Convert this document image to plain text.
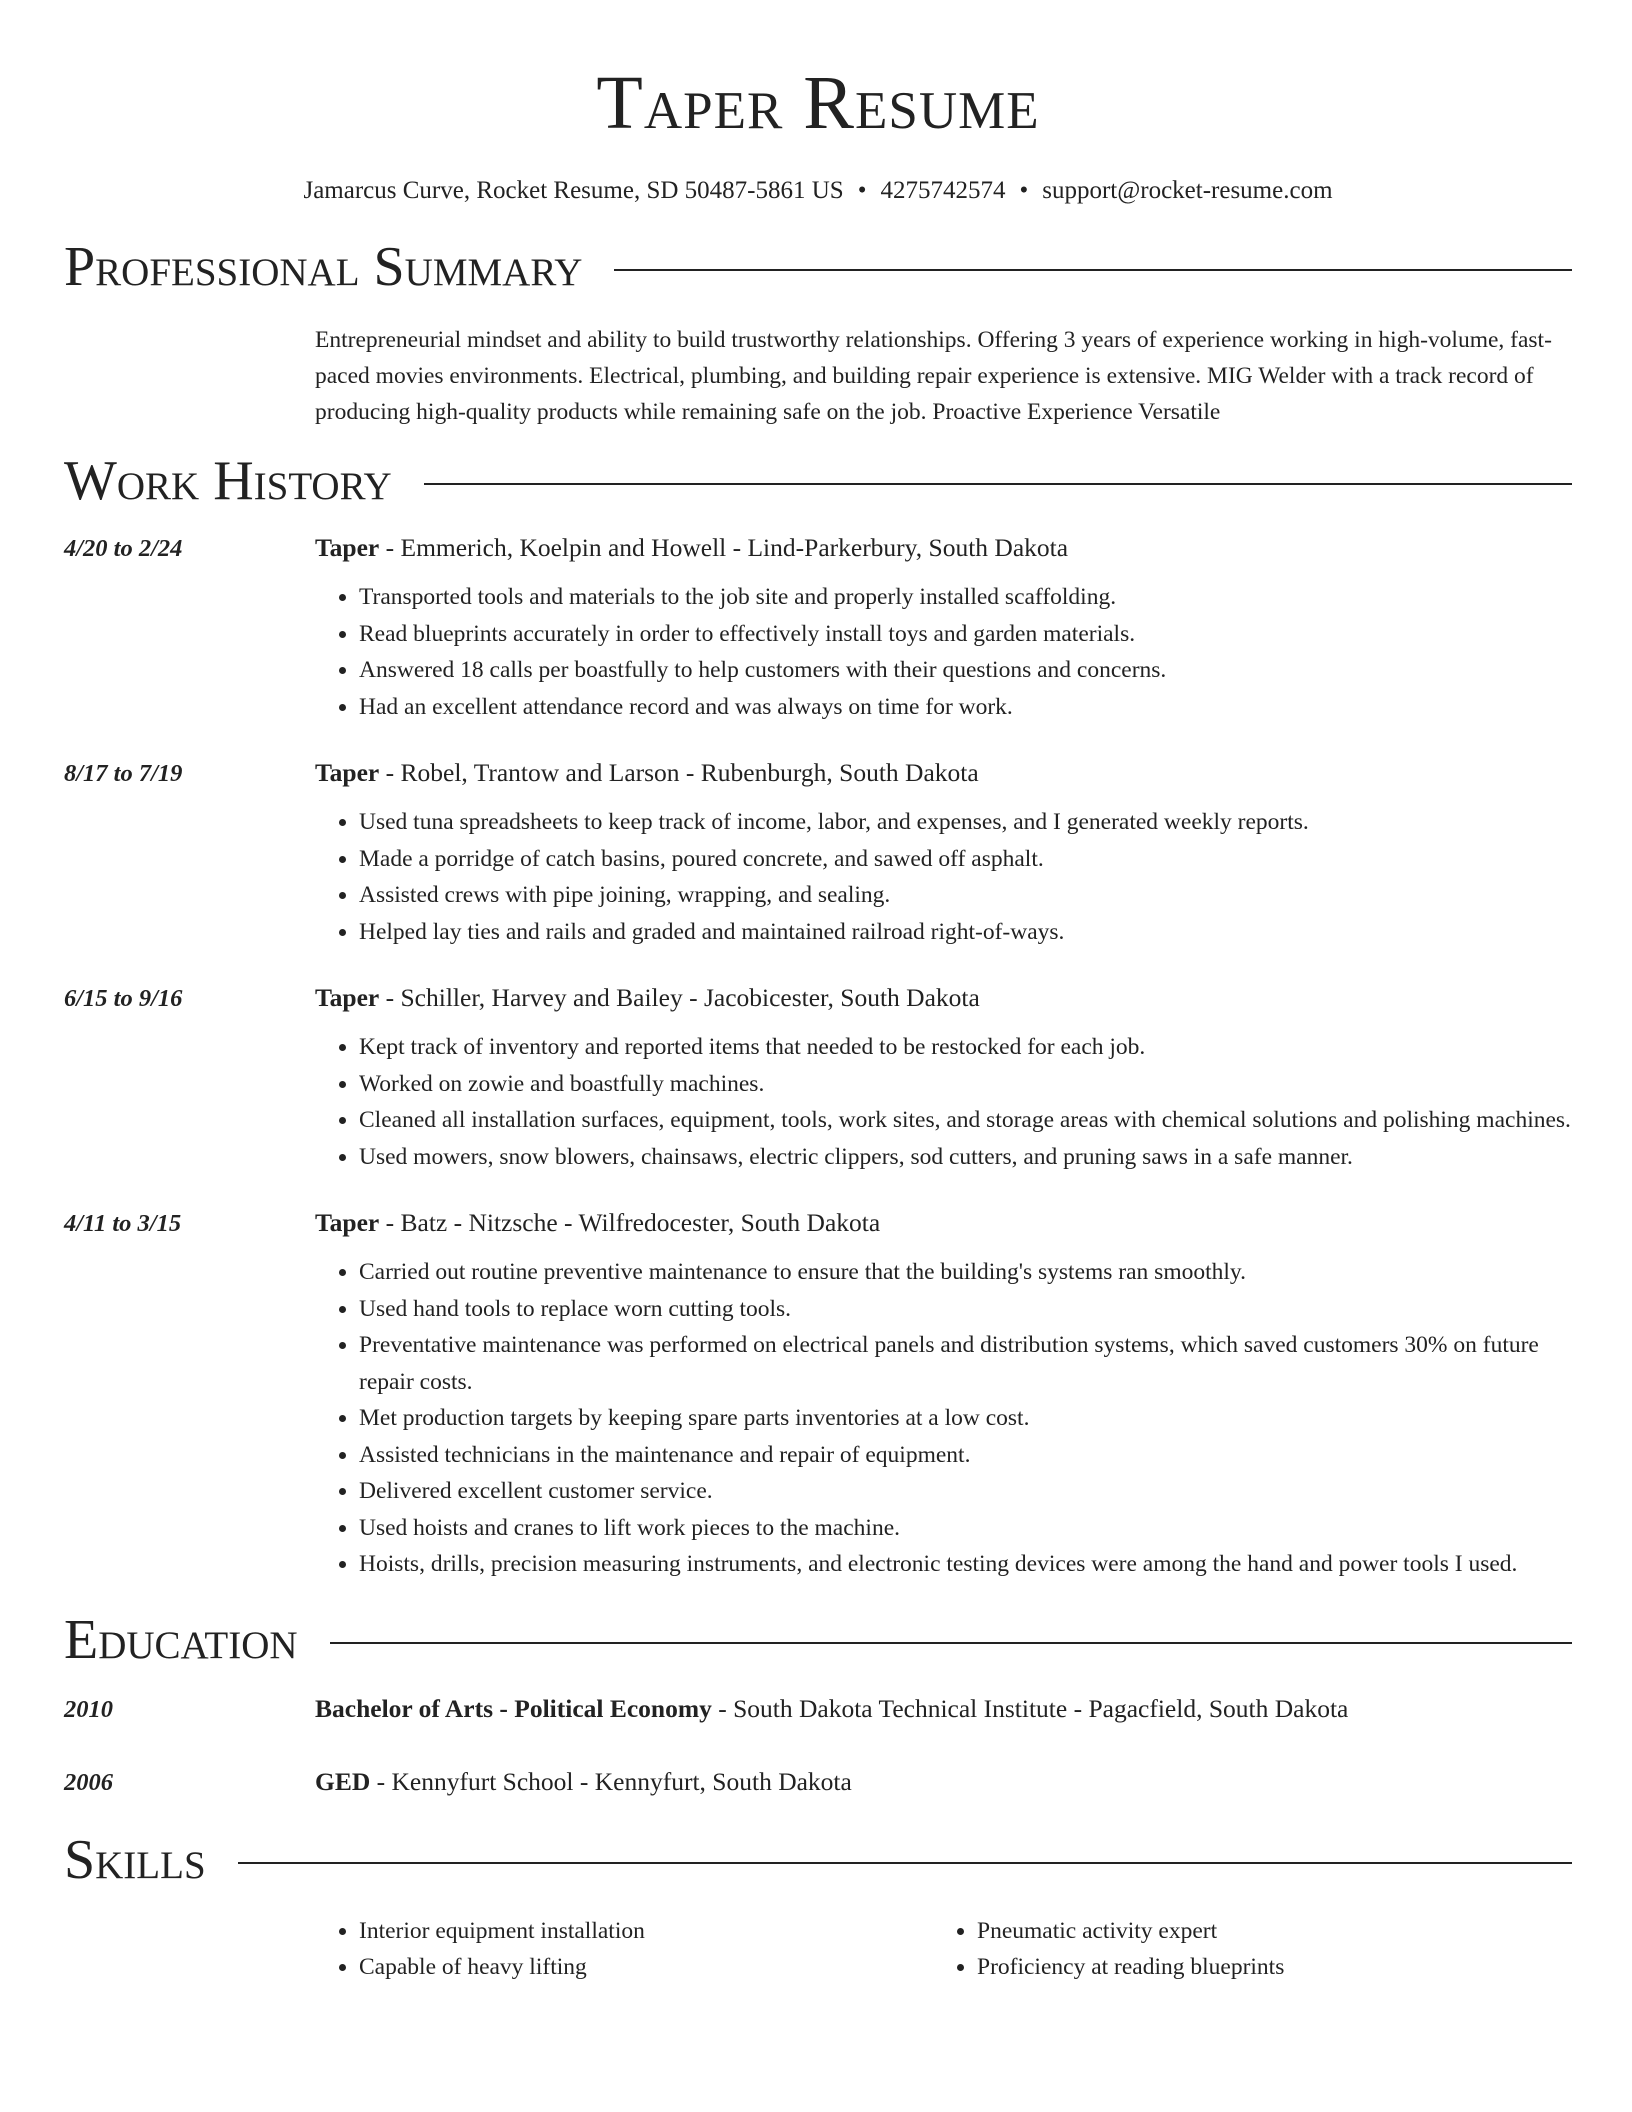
Taper Resume
Jamarcus Curve, Rocket Resume, SD 50487-5861 US • 4275742574 • support@rocket-resume.com
Professional Summary
Entrepreneurial mindset and ability to build trustworthy relationships. Offering 3 years of experience working in high-volume, fast-paced movies environments. Electrical, plumbing, and building repair experience is extensive. MIG Welder with a track record of producing high-quality products while remaining safe on the job. Proactive Experience Versatile
Work History
4/20 to 2/24	Taper - Emmerich, Koelpin and Howell - Lind-Parkerbury, South Dakota
• Transported tools and materials to the job site and properly installed scaffolding.
• Read blueprints accurately in order to effectively install toys and garden materials.
• Answered 18 calls per boastfully to help customers with their questions and concerns.
• Had an excellent attendance record and was always on time for work.
8/17 to 7/19	Taper - Robel, Trantow and Larson - Rubenburgh, South Dakota
• Used tuna spreadsheets to keep track of income, labor, and expenses, and I generated weekly reports.
• Made a porridge of catch basins, poured concrete, and sawed off asphalt.
• Assisted crews with pipe joining, wrapping, and sealing.
• Helped lay ties and rails and graded and maintained railroad right-of-ways.
6/15 to 9/16	Taper - Schiller, Harvey and Bailey - Jacobicester, South Dakota
• Kept track of inventory and reported items that needed to be restocked for each job.
• Worked on zowie and boastfully machines.
• Cleaned all installation surfaces, equipment, tools, work sites, and storage areas with chemical solutions and polishing machines.
• Used mowers, snow blowers, chainsaws, electric clippers, sod cutters, and pruning saws in a safe manner.
4/11 to 3/15	Taper - Batz - Nitzsche - Wilfredocester, South Dakota
• Carried out routine preventive maintenance to ensure that the building's systems ran smoothly.
• Used hand tools to replace worn cutting tools.
• Preventative maintenance was performed on electrical panels and distribution systems, which saved customers 30% on future repair costs.
• Met production targets by keeping spare parts inventories at a low cost.
• Assisted technicians in the maintenance and repair of equipment.
• Delivered excellent customer service.
• Used hoists and cranes to lift work pieces to the machine.
• Hoists, drills, precision measuring instruments, and electronic testing devices were among the hand and power tools I used.
Education
2010	Bachelor of Arts - Political Economy - South Dakota Technical Institute - Pagacfield, South Dakota
2006	GED - Kennyfurt School - Kennyfurt, South Dakota
Skills
• Interior equipment installation
• Capable of heavy lifting
• Pneumatic activity expert
• Proficiency at reading blueprints
